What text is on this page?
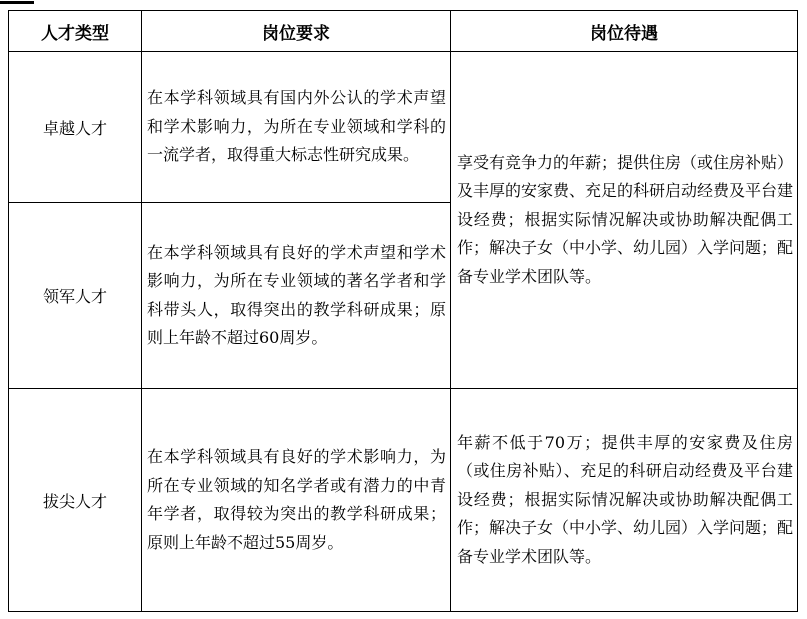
人才类型	岗位要求	岗位待遇
卓越人才	在本学科领域具有国内外公认的学术声望和学术影响力，为所在专业领域和学科的一流学者，取得重大标志性研究成果。	享受有竞争力的年薪；提供住房（或住房补贴）及丰厚的安家费、充足的科研启动经费及平台建设经费；根据实际情况解决或协助解决配偶工作；解决子女（中小学、幼儿园）入学问题；配备专业学术团队等。
领军人才	在本学科领域具有良好的学术声望和学术影响力，为所在专业领域的著名学者和学科带头人，取得突出的教学科研成果；原则上年龄不超过60周岁。	
拔尖人才	在本学科领域具有良好的学术影响力，为所在专业领域的知名学者或有潜力的中青年学者，取得较为突出的教学科研成果；原则上年龄不超过55周岁。	年薪不低于70万；提供丰厚的安家费及住房（或住房补贴）、充足的科研启动经费及平台建设经费；根据实际情况解决或协助解决配偶工作；解决子女（中小学、幼儿园）入学问题；配备专业学术团队等。
